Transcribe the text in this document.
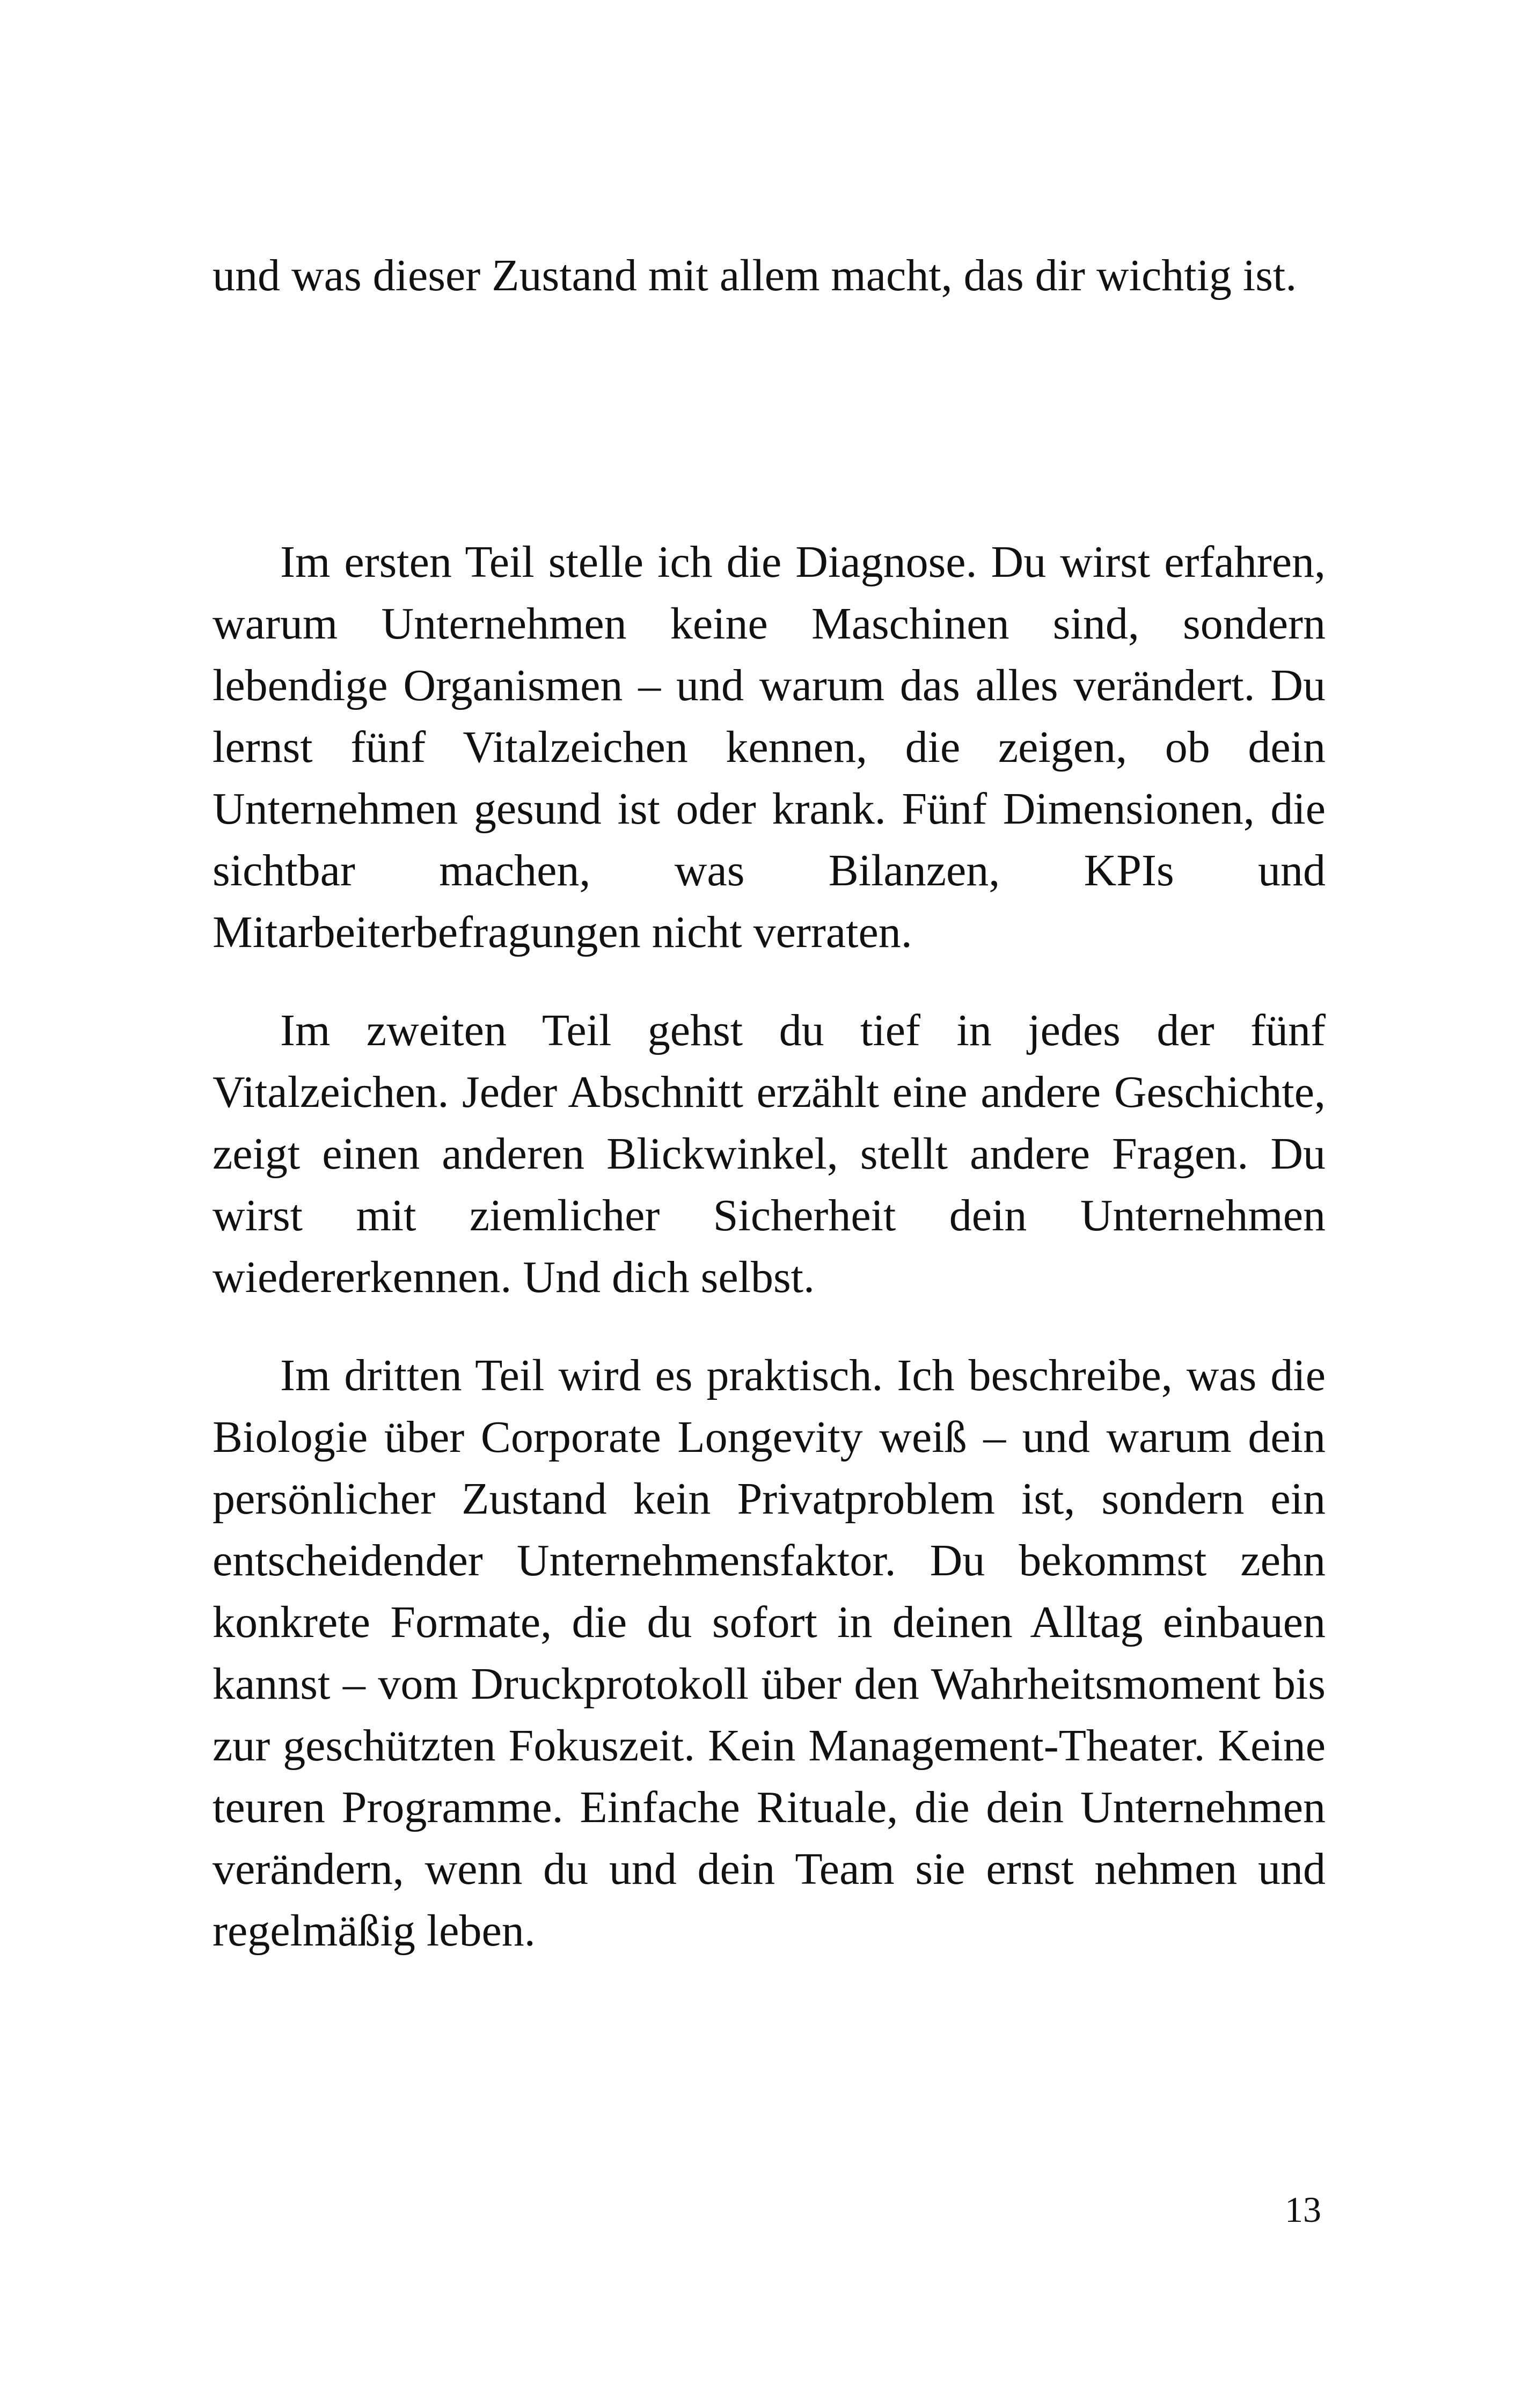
und was dieser Zustand mit allem macht, das dir wichtig ist.

Im ersten Teil stelle ich die Diagnose. Du wirst erfahren, warum Unternehmen keine Maschinen sind, sondern lebendige Organismen – und warum das alles verändert. Du lernst fünf Vitalzeichen kennen, die zeigen, ob dein Unternehmen gesund ist oder krank. Fünf Dimensionen, die sichtbar machen, was Bilanzen, KPIs und Mitarbeiterbefragungen nicht verraten.

Im zweiten Teil gehst du tief in jedes der fünf Vitalzeichen. Jeder Abschnitt erzählt eine andere Geschichte, zeigt einen anderen Blickwinkel, stellt andere Fragen. Du wirst mit ziemlicher Sicherheit dein Unternehmen wiedererkennen. Und dich selbst.

Im dritten Teil wird es praktisch. Ich beschreibe, was die Biologie über Corporate Longevity weiß – und warum dein persönlicher Zustand kein Privatproblem ist, sondern ein entscheidender Unternehmensfaktor. Du bekommst zehn konkrete Formate, die du sofort in deinen Alltag einbauen kannst – vom Druckprotokoll über den Wahrheitsmoment bis zur geschützten Fokuszeit. Kein Management-Theater. Keine teuren Programme. Einfache Rituale, die dein Unternehmen verändern, wenn du und dein Team sie ernst nehmen und regelmäßig leben.

13
